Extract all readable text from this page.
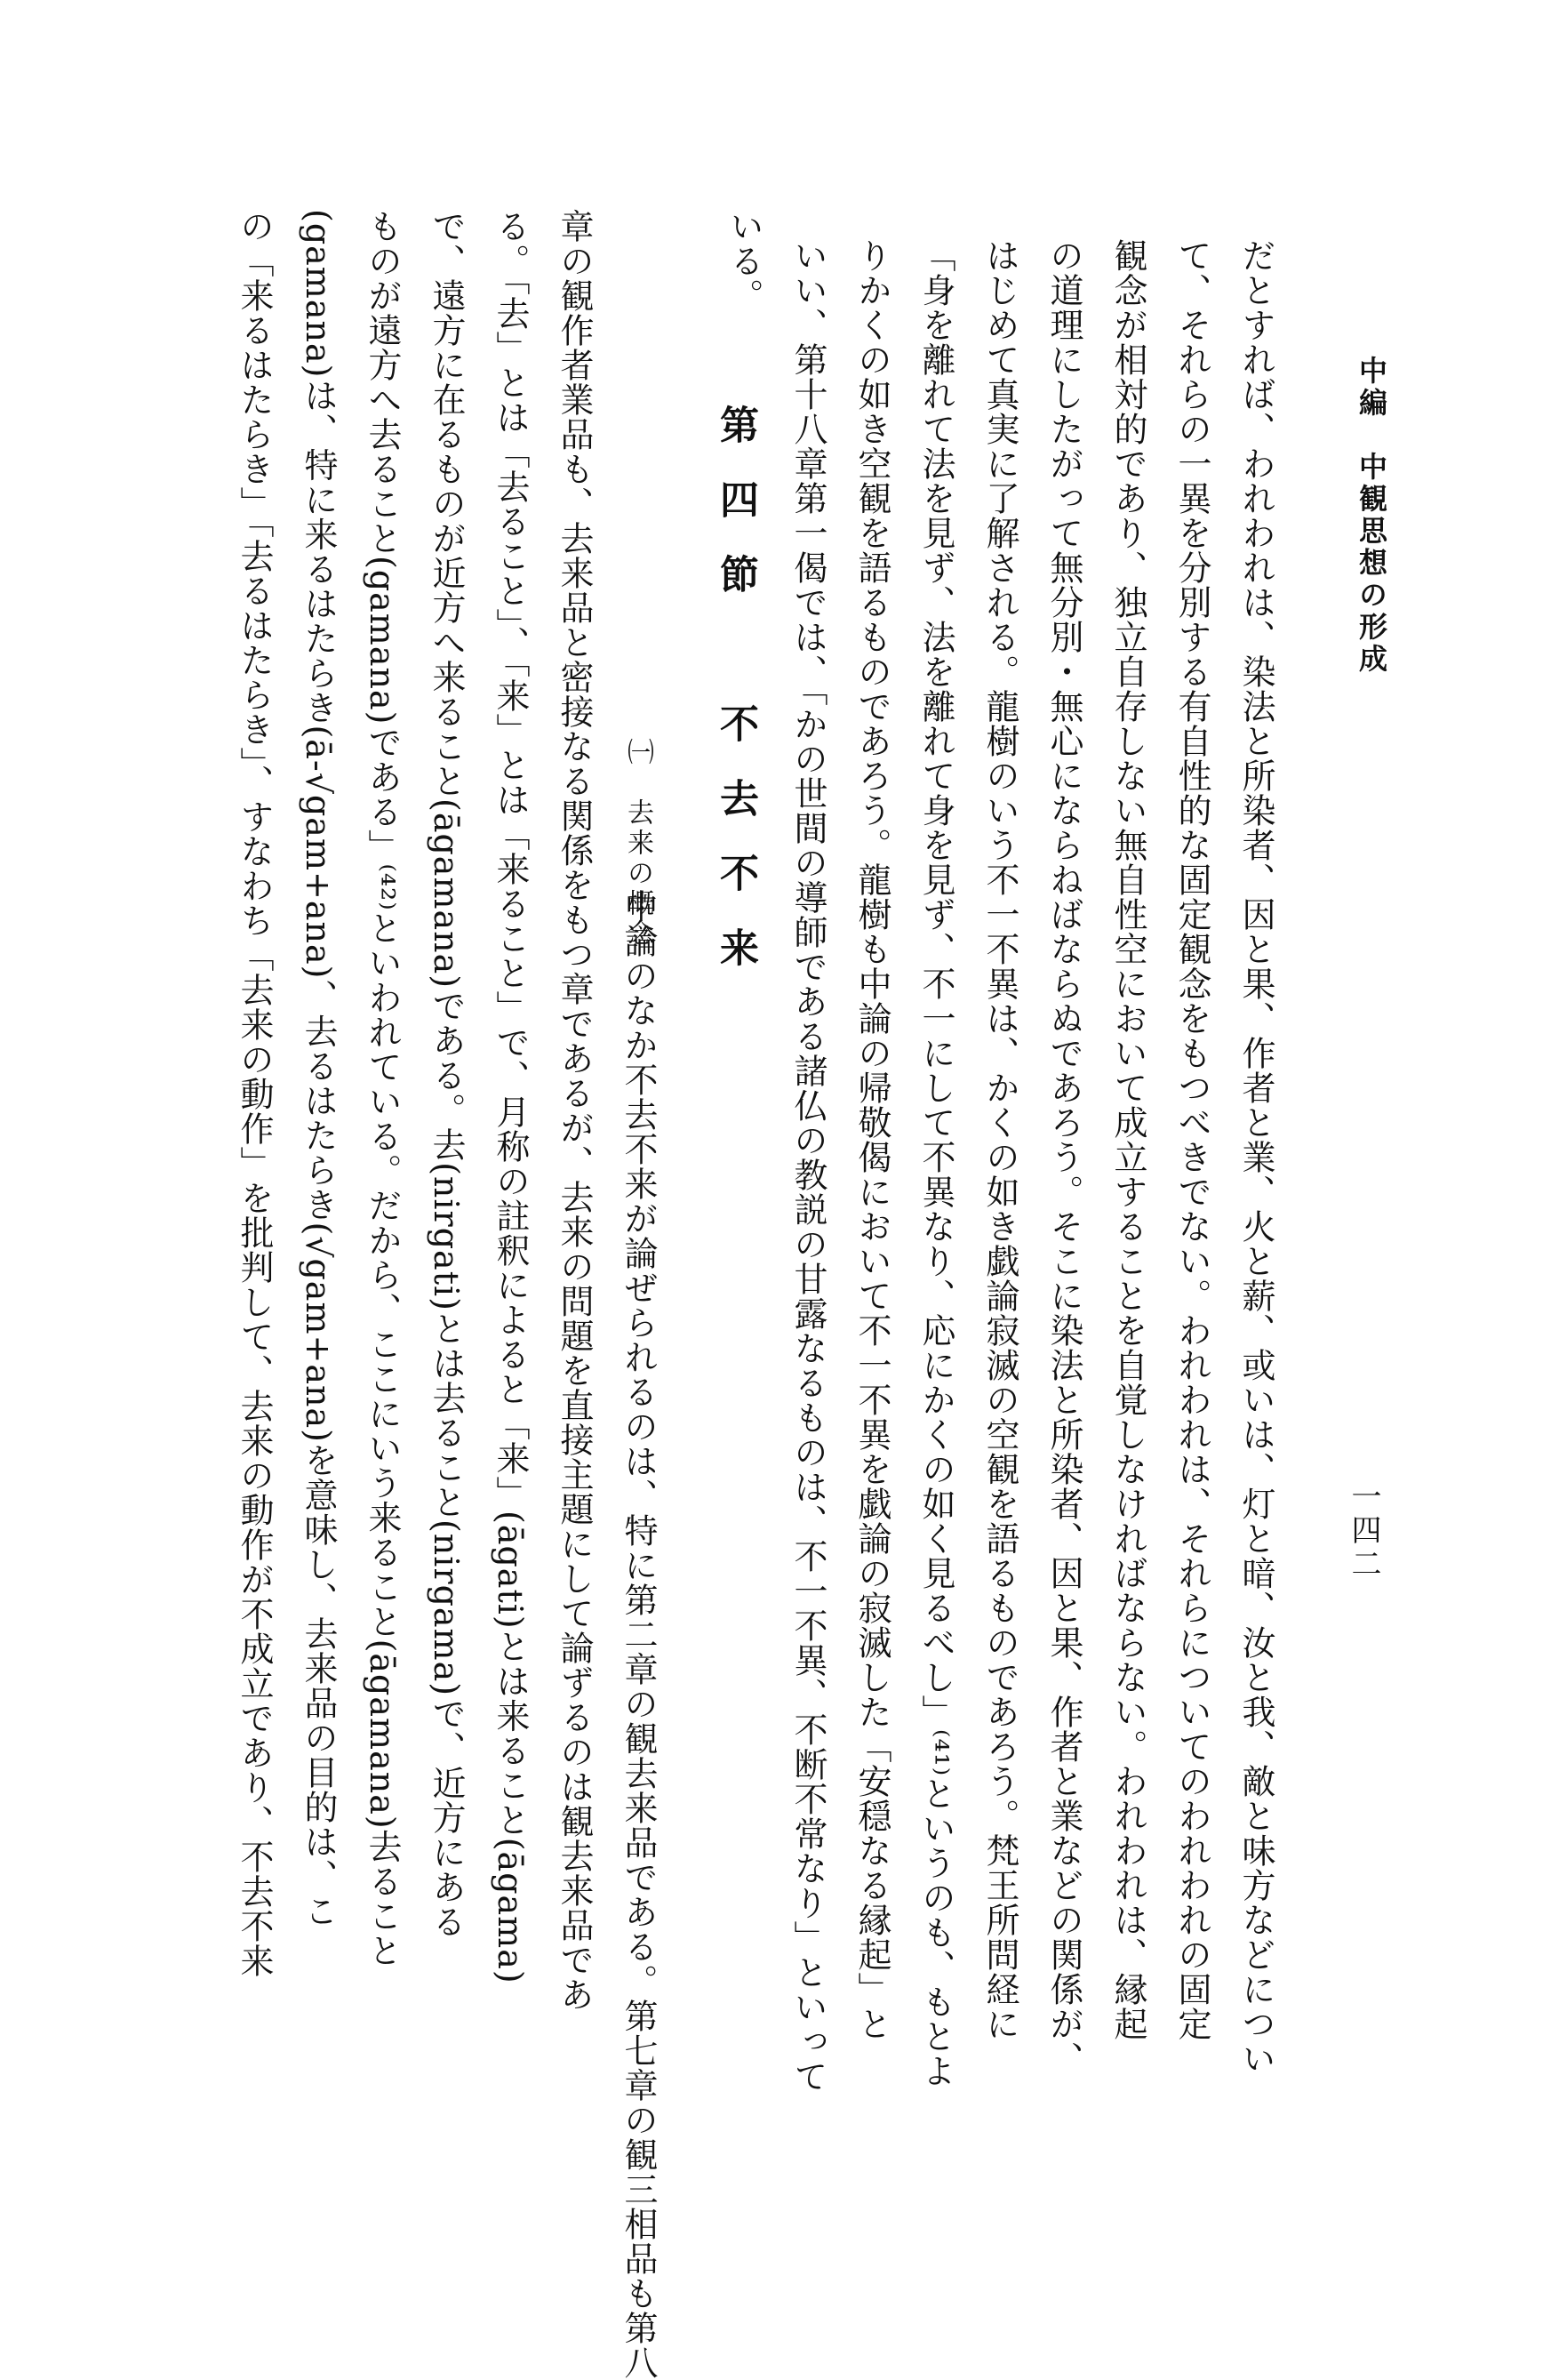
中編　中観思想の形成
一四二
だとすれば、われわれは、染法と所染者、因と果、作者と業、火と薪、或いは、灯と暗、汝と我、敵と味方などについ
て、それらの一異を分別する有自性的な固定観念をもつべきでない。われわれは、それらについてのわれわれの固定
観念が相対的であり、独立自存しない無自性空において成立することを自覚しなければならない。われわれは、縁起
の道理にしたがって無分別・無心にならねばならぬであろう。そこに染法と所染者、因と果、作者と業などの関係が、
はじめて真実に了解される。龍樹のいう不一不異は、かくの如き戯論寂滅の空観を語るものであろう。梵王所問経に
「身を離れて法を見ず、法を離れて身を見ず、不一にして不異なり、応にかくの如く見るべし」⁽⁴¹⁾というのも、もとよ
りかくの如き空観を語るものであろう。龍樹も中論の帰敬偈において不一不異を戯論の寂滅した「安穏なる縁起」と
いい、第十八章第一偈では、「かの世間の導師である諸仏の教説の甘露なるものは、不一不異、不断不常なり」といって
いる。
第四節　不去不来
㈠　去来の概念
中論のなか不去不来が論ぜられるのは、特に第二章の観去来品である。第七章の観三相品も第八
章の観作者業品も、去来品と密接なる関係をもつ章であるが、去来の問題を直接主題にして論ずるのは観去来品であ
る。「去」とは「去ること」、「来」とは「来ること」で、月称の註釈によると「来」(āgati)とは来ること(āgama)
で、遠方に在るものが近方へ来ること(āgamana)である。去(nirgati)とは去ること(nirgama)で、近方にある
ものが遠方へ去ること(gamana)である」⁽⁴²⁾といわれている。だから、ここにいう来ること(āgamana)去ること
(gamana)は、特に来るはたらき(ā-√gam+ana)、去るはたらき(√gam+ana)を意味し、去来品の目的は、こ
の「来るはたらき」「去るはたらき」、すなわち「去来の動作」を批判して、去来の動作が不成立であり、不去不来
